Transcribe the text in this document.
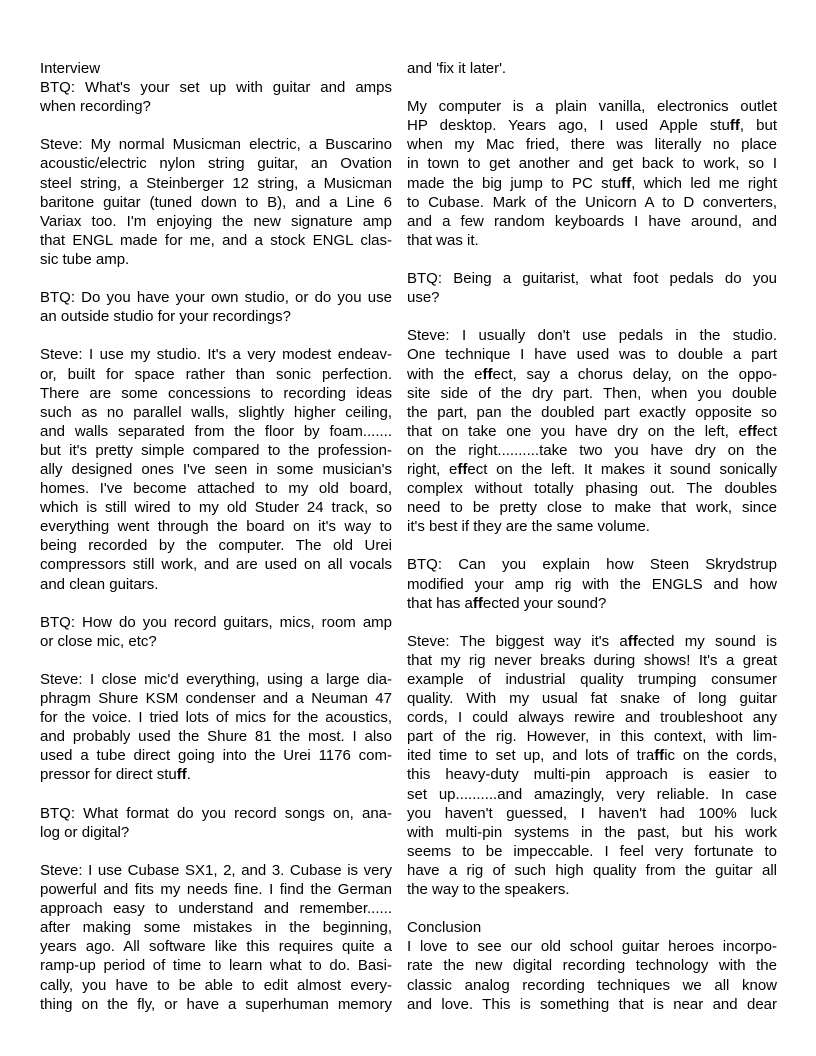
Interview
BTQ: What's your set up with guitar and amps
when recording?
Steve: My normal Musicman electric, a Buscarino
acoustic/electric nylon string guitar, an Ovation
steel string, a Steinberger 12 string, a Musicman
baritone guitar (tuned down to B), and a Line 6
Variax too. I'm enjoying the new signature amp
that ENGL made for me, and a stock ENGL clas-
sic tube amp.
BTQ: Do you have your own studio, or do you use
an outside studio for your recordings?
Steve: I use my studio. It's a very modest endeav-
or, built for space rather than sonic perfection.
There are some concessions to recording ideas
such as no parallel walls, slightly higher ceiling,
and walls separated from the floor by foam.......
but it's pretty simple compared to the profession-
ally designed ones I've seen in some musician's
homes. I've become attached to my old board,
which is still wired to my old Studer 24 track, so
everything went through the board on it's way to
being recorded by the computer. The old Urei
compressors still work, and are used on all vocals
and clean guitars.
BTQ: How do you record guitars, mics, room amp
or close mic, etc?
Steve: I close mic'd everything, using a large dia-
phragm Shure KSM condenser and a Neuman 47
for the voice. I tried lots of mics for the acoustics,
and probably used the Shure 81 the most. I also
used a tube direct going into the Urei 1176 com-
pressor for direct stuff.
BTQ: What format do you record songs on, ana-
log or digital?
Steve: I use Cubase SX1, 2, and 3. Cubase is very
powerful and fits my needs fine. I find the German
approach easy to understand and remember......
after making some mistakes in the beginning,
years ago. All software like this requires quite a
ramp-up period of time to learn what to do. Basi-
cally, you have to be able to edit almost every-
thing on the fly, or have a superhuman memory
and 'fix it later'.
My computer is a plain vanilla, electronics outlet
HP desktop. Years ago, I used Apple stuff, but
when my Mac fried, there was literally no place
in town to get another and get back to work, so I
made the big jump to PC stuff, which led me right
to Cubase. Mark of the Unicorn A to D converters,
and a few random keyboards I have around, and
that was it.
BTQ: Being a guitarist, what foot pedals do you
use?
Steve: I usually don't use pedals in the studio.
One technique I have used was to double a part
with the effect, say a chorus delay, on the oppo-
site side of the dry part. Then, when you double
the part, pan the doubled part exactly opposite so
that on take one you have dry on the left, effect
on the right..........take two you have dry on the
right, effect on the left. It makes it sound sonically
complex without totally phasing out. The doubles
need to be pretty close to make that work, since
it's best if they are the same volume.
BTQ: Can you explain how Steen Skrydstrup
modified your amp rig with the ENGLS and how
that has affected your sound?
Steve: The biggest way it's affected my sound is
that my rig never breaks during shows! It's a great
example of industrial quality trumping consumer
quality. With my usual fat snake of long guitar
cords, I could always rewire and troubleshoot any
part of the rig. However, in this context, with lim-
ited time to set up, and lots of traffic on the cords,
this heavy-duty multi-pin approach is easier to
set up..........and amazingly, very reliable. In case
you haven't guessed, I haven't had 100% luck
with multi-pin systems in the past, but his work
seems to be impeccable. I feel very fortunate to
have a rig of such high quality from the guitar all
the way to the speakers.
Conclusion
I love to see our old school guitar heroes incorpo-
rate the new digital recording technology with the
classic analog recording techniques we all know
and love. This is something that is near and dear
